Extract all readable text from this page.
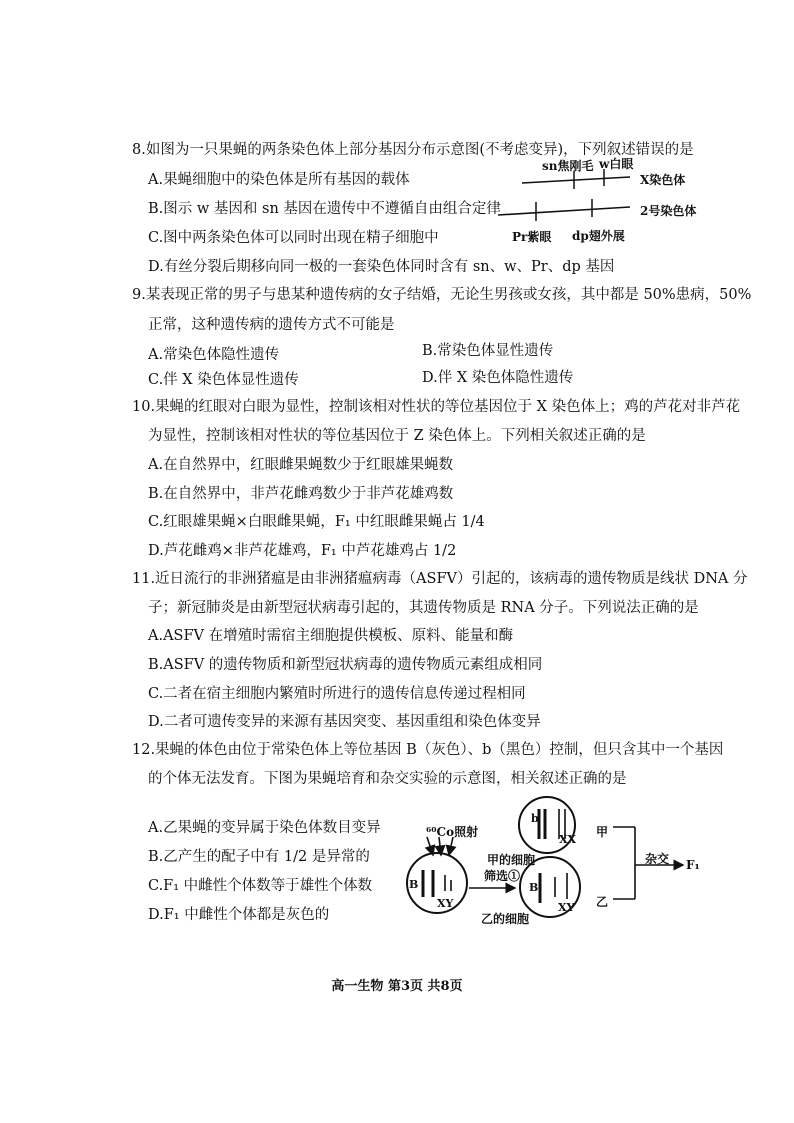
8.如图为一只果蝇的两条染色体上部分基因分布示意图(不考虑变异)，下列叙述错误的是
A.果蝇细胞中的染色体是所有基因的载体
B.图示 w 基因和 sn 基因在遗传中不遵循自由组合定律
C.图中两条染色体可以同时出现在精子细胞中
D.有丝分裂后期移向同一极的一套染色体同时含有 sn、w、Pr、dp 基因
sn焦刚毛 w白眼
X染色体
2号染色体
Pr紫眼 dp翅外展
9.某表现正常的男子与患某种遗传病的女子结婚，无论生男孩或女孩，其中都是 50%患病，50%
正常，这种遗传病的遗传方式不可能是
A.常染色体隐性遗传	B.常染色体显性遗传
C.伴 X 染色体显性遗传	D.伴 X 染色体隐性遗传
10.果蝇的红眼对白眼为显性，控制该相对性状的等位基因位于 X 染色体上；鸡的芦花对非芦花
为显性，控制该相对性状的等位基因位于 Z 染色体上。下列相关叙述正确的是
A.在自然界中，红眼雌果蝇数少于红眼雄果蝇数
B.在自然界中，非芦花雌鸡数少于非芦花雄鸡数
C.红眼雄果蝇×白眼雌果蝇，F₁ 中红眼雌果蝇占 1/4
D.芦花雌鸡×非芦花雄鸡，F₁ 中芦花雄鸡占 1/2
11.近日流行的非洲猪瘟是由非洲猪瘟病毒（ASFV）引起的，该病毒的遗传物质是线状 DNA 分
子；新冠肺炎是由新型冠状病毒引起的，其遗传物质是 RNA 分子。下列说法正确的是
A.ASFV 在增殖时需宿主细胞提供模板、原料、能量和酶
B.ASFV 的遗传物质和新型冠状病毒的遗传物质元素组成相同
C.二者在宿主细胞内繁殖时所进行的遗传信息传递过程相同
D.二者可遗传变异的来源有基因突变、基因重组和染色体变异
12.果蝇的体色由位于常染色体上等位基因 B（灰色）、b（黑色）控制，但只含其中一个基因
的个体无法发育。下图为果蝇培育和杂交实验的示意图，相关叙述正确的是
A.乙果蝇的变异属于染色体数目变异
B.乙产生的配子中有 1/2 是异常的
C.F₁ 中雌性个体数等于雄性个体数
D.F₁ 中雌性个体都是灰色的
⁶⁰Co照射
甲的细胞
乙的细胞
筛选①
甲
乙
杂交 F₁
b
XX
B
XY
B
XY
高一生物 第3页 共8页
